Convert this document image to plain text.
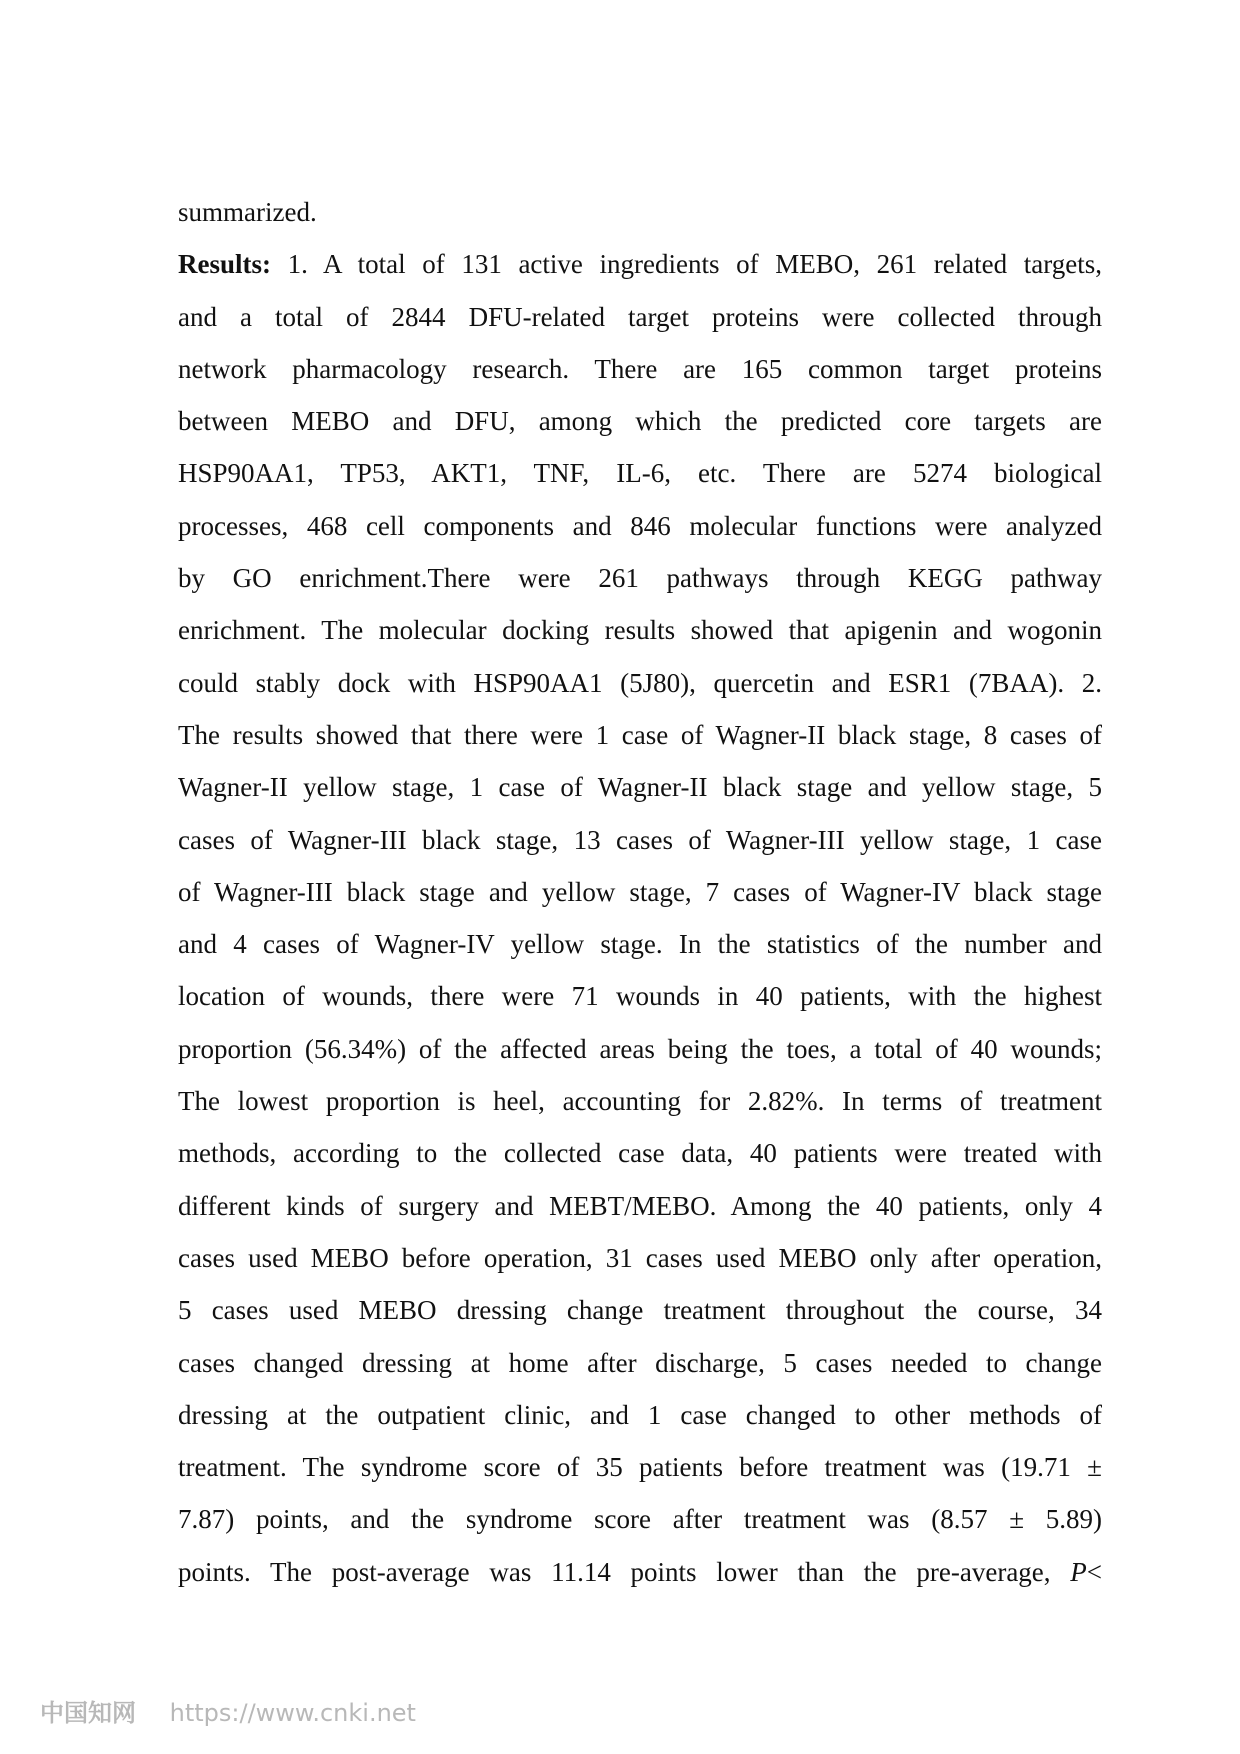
summarized.
Results: 1. A total of 131 active ingredients of MEBO, 261 related targets,
and a total of 2844 DFU-related target proteins were collected through
network pharmacology research. There are 165 common target proteins
between MEBO and DFU, among which the predicted core targets are
HSP90AA1, TP53, AKT1, TNF, IL-6, etc. There are 5274 biological
processes, 468 cell components and 846 molecular functions were analyzed
by GO enrichment.There were 261 pathways through KEGG pathway
enrichment. The molecular docking results showed that apigenin and wogonin
could stably dock with HSP90AA1 (5J80), quercetin and ESR1 (7BAA). 2.
The results showed that there were 1 case of Wagner-II black stage, 8 cases of
Wagner-II yellow stage, 1 case of Wagner-II black stage and yellow stage, 5
cases of Wagner-III black stage, 13 cases of Wagner-III yellow stage, 1 case
of Wagner-III black stage and yellow stage, 7 cases of Wagner-IV black stage
and 4 cases of Wagner-IV yellow stage. In the statistics of the number and
location of wounds, there were 71 wounds in 40 patients, with the highest
proportion (56.34%) of the affected areas being the toes, a total of 40 wounds;
The lowest proportion is heel, accounting for 2.82%. In terms of treatment
methods, according to the collected case data, 40 patients were treated with
different kinds of surgery and MEBT/MEBO. Among the 40 patients, only 4
cases used MEBO before operation, 31 cases used MEBO only after operation,
5 cases used MEBO dressing change treatment throughout the course, 34
cases changed dressing at home after discharge, 5 cases needed to change
dressing at the outpatient clinic, and 1 case changed to other methods of
treatment. The syndrome score of 35 patients before treatment was (19.71 ±
7.87) points, and the syndrome score after treatment was (8.57 ± 5.89)
points. The post-average was 11.14 points lower than the pre-average, P<
中国知网 https://www.cnki.net
